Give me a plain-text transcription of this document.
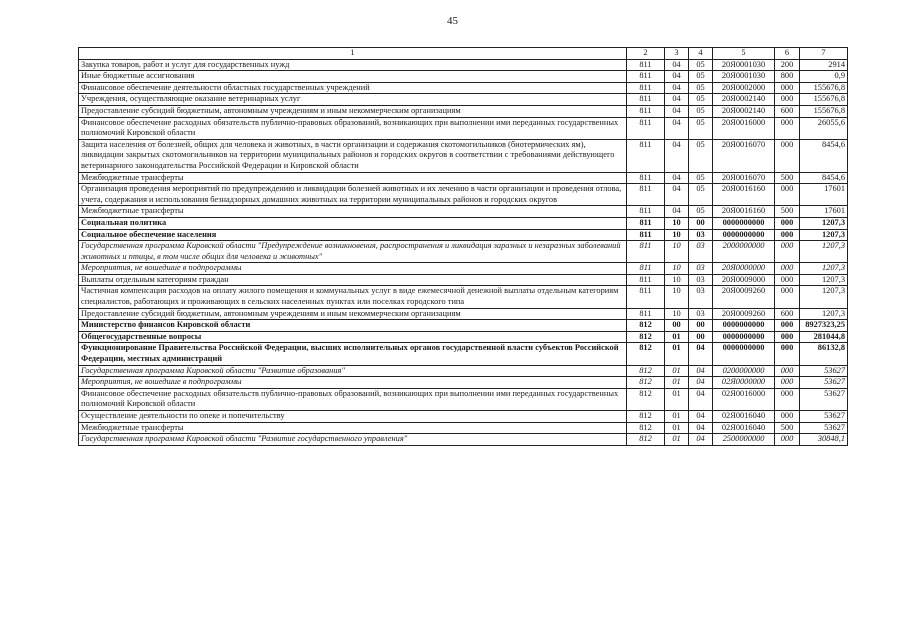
45
1	2	3	4	5	6	7
Закупка товаров, работ и услуг для государственных нужд	811	04	05	20Я0001030	200	2914
Иные бюджетные ассигнования	811	04	05	20Я0001030	800	0,9
Финансовое обеспечение деятельности областных государственных учреждений	811	04	05	20Я0002000	000	155676,8
Учреждения, осуществляющие оказание ветеринарных услуг	811	04	05	20Я0002140	000	155676,8
Предоставление субсидий бюджетным, автономным учреждениям и иным некоммерческим организациям	811	04	05	20Я0002140	600	155676,8
Финансовое обеспечение расходных обязательств публично-правовых образований, возникающих при выполнении ими переданных государственных полномочий Кировской области	811	04	05	20Я0016000	000	26055,6
Защита населения от болезней, общих для человека и животных, в части организации и содержания скотомогильников (биотермических ям), ликвидации закрытых скотомогильников на территории муниципальных районов и городских округов в соответствии с требованиями действующего ветеринарного законодательства Российской Федерации и Кировской области	811	04	05	20Я0016070	000	8454,6
Межбюджетные трансферты	811	04	05	20Я0016070	500	8454,6
Организация проведения мероприятий по предупреждению и ликвидации болезней животных и их лечению в части организации и проведения отлова, учета, содержания и использования безнадзорных домашних животных на территории муниципальных районов и городских округов	811	04	05	20Я0016160	000	17601
Межбюджетные трансферты	811	04	05	20Я0016160	500	17601
Социальная политика	811	10	00	0000000000	000	1207,3
Социальное обеспечение населения	811	10	03	0000000000	000	1207,3
Государственная программа Кировской области "Предупреждение возникновения, распространения и ликвидация заразных и незаразных заболеваний животных и птицы, в том числе общих для человека и животных"	811	10	03	2000000000	000	1207,3
Мероприятия, не вошедшие в подпрограммы	811	10	03	20Я0000000	000	1207,3
Выплаты отдельным категориям граждан	811	10	03	20Я0009000	000	1207,3
Частичная компенсация расходов на оплату жилого помещения и коммунальных услуг в виде ежемесячной денежной выплаты отдельным категориям специалистов, работающих и проживающих в сельских населенных пунктах или поселках городского типа	811	10	03	20Я0009260	000	1207,3
Предоставление субсидий бюджетным, автономным учреждениям и иным некоммерческим организациям	811	10	03	20Я0009260	600	1207,3
Министерство финансов Кировской области	812	00	00	0000000000	000	8927323,25
Общегосударственные вопросы	812	01	00	0000000000	000	281044,8
Функционирование Правительства Российской Федерации, высших исполнительных органов государственной власти субъектов Российской Федерации, местных администраций	812	01	04	0000000000	000	86132,8
Государственная программа Кировской области "Развитие образования"	812	01	04	0200000000	000	53627
Мероприятия, не вошедшие в подпрограммы	812	01	04	02Я0000000	000	53627
Финансовое обеспечение расходных обязательств публично-правовых образований, возникающих при выполнении ими переданных государственных полномочий Кировской области	812	01	04	02Я0016000	000	53627
Осуществление деятельности по опеке и попечительству	812	01	04	02Я0016040	000	53627
Межбюджетные трансферты	812	01	04	02Я0016040	500	53627
Государственная программа Кировской области "Развитие государственного управления"	812	01	04	2500000000	000	30848,1
